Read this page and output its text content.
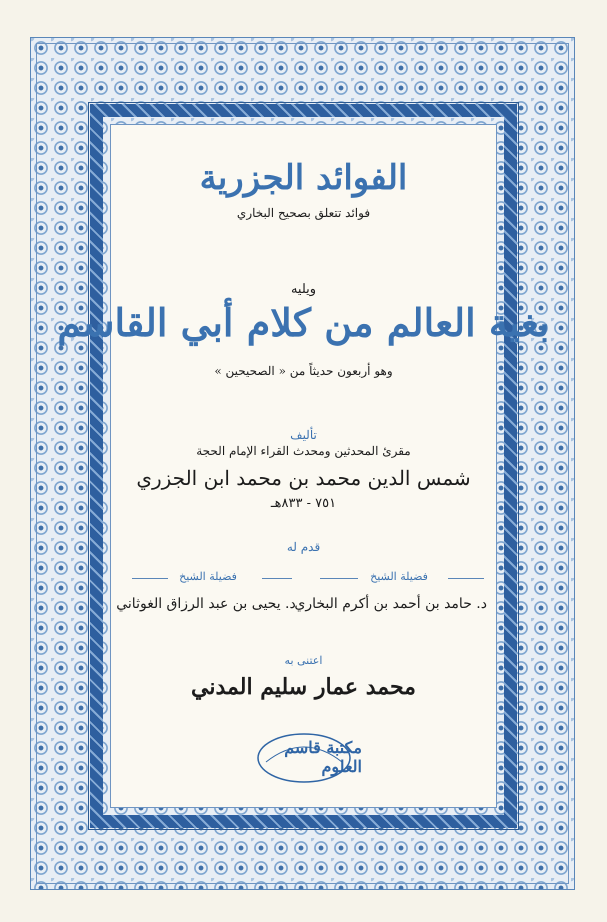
الفوائد الجزرية
فوائد تتعلق بصحيح البخاري
ويليه
بغية العالم من كلام أبي القاسم
وهو أربعون حديثاً من « الصحيحين »
تأليف
مقرئ المحدثين ومحدث القراء الإمام الحجة
شمس الدين محمد بن محمد ابن الجزري
٧٥١ - ٨٣٣هـ
قدم له
فضيلة الشيخ
د. حامد بن أحمد بن أكرم البخاري
فضيلة الشيخ
د. يحيى بن عبد الرزاق الغوثاني
اعتنى به
محمد عمار سليم المدني
مكتبة قاسم العلوم
